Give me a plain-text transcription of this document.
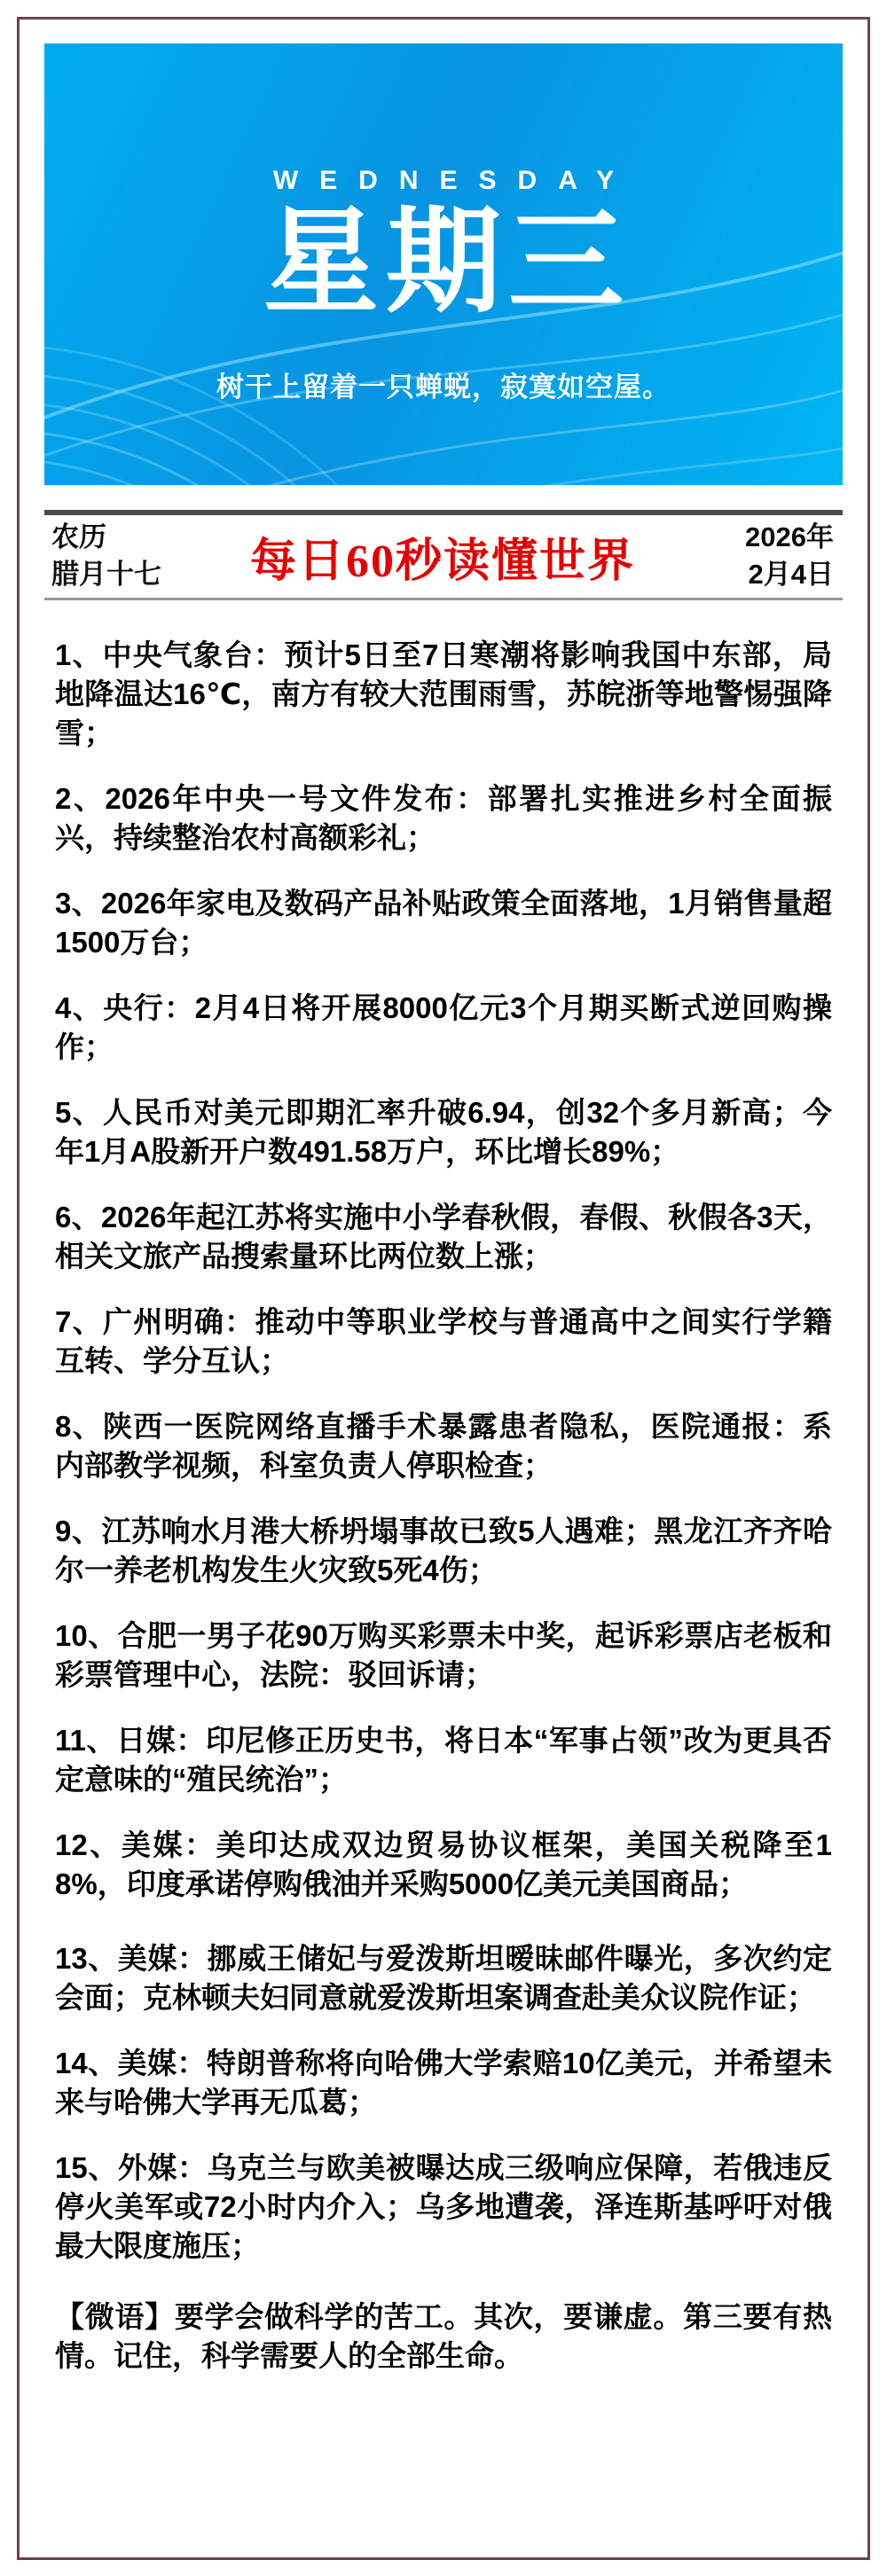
WEDNESDAY
星期三
树干上留着一只蝉蜕，寂寞如空屋。
农历
腊月十七	每日60秒读懂世界	2026年
2月4日

1、中央气象台：预计5日至7日寒潮将影响我国中东部，局地降温达16℃，南方有较大范围雨雪，苏皖浙等地警惕强降雪；

2、2026年中央一号文件发布：部署扎实推进乡村全面振兴，持续整治农村高额彩礼；

3、2026年家电及数码产品补贴政策全面落地，1月销售量超1500万台；

4、央行：2月4日将开展8000亿元3个月期买断式逆回购操作；

5、人民币对美元即期汇率升破6.94，创32个多月新高；今年1月A股新开户数491.58万户，环比增长89%；

6、2026年起江苏将实施中小学春秋假，春假、秋假各3天，相关文旅产品搜索量环比两位数上涨；

7、广州明确：推动中等职业学校与普通高中之间实行学籍互转、学分互认；

8、陕西一医院网络直播手术暴露患者隐私，医院通报：系内部教学视频，科室负责人停职检查；

9、江苏响水月港大桥坍塌事故已致5人遇难；黑龙江齐齐哈尔一养老机构发生火灾致5死4伤；

10、合肥一男子花90万购买彩票未中奖，起诉彩票店老板和彩票管理中心，法院：驳回诉请；

11、日媒：印尼修正历史书，将日本“军事占领”改为更具否定意味的“殖民统治”；

12、美媒：美印达成双边贸易协议框架，美国关税降至18%，印度承诺停购俄油并采购5000亿美元美国商品；

13、美媒：挪威王储妃与爱泼斯坦暧昧邮件曝光，多次约定会面；克林顿夫妇同意就爱泼斯坦案调查赴美众议院作证；

14、美媒：特朗普称将向哈佛大学索赔10亿美元，并希望未来与哈佛大学再无瓜葛；

15、外媒：乌克兰与欧美被曝达成三级响应保障，若俄违反停火美军或72小时内介入；乌多地遭袭，泽连斯基呼吁对俄最大限度施压；

【微语】要学会做科学的苦工。其次，要谦虚。第三要有热情。记住，科学需要人的全部生命。
